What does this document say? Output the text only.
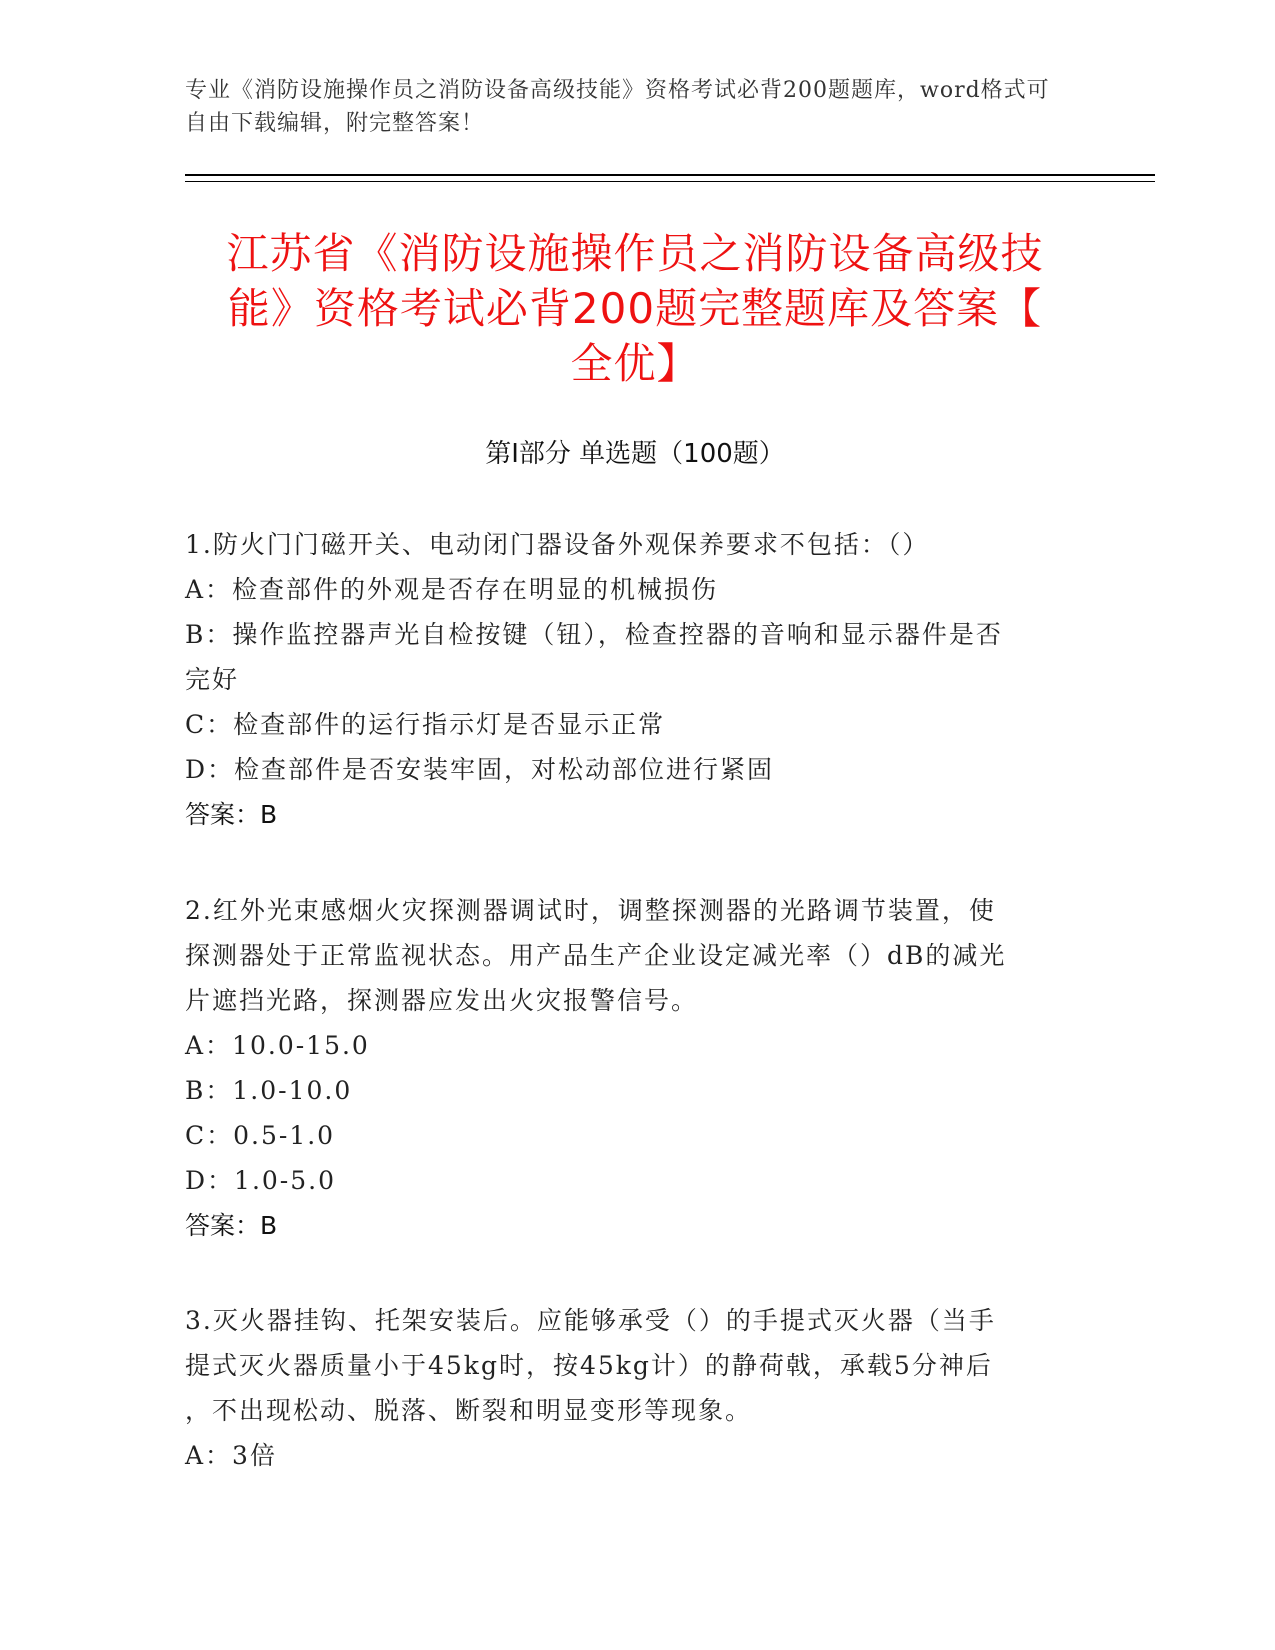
专业《消防设施操作员之消防设备高级技能》资格考试必背200题题库，word格式可自由下载编辑，附完整答案！
江苏省《消防设施操作员之消防设备高级技
能》资格考试必背200题完整题库及答案【
全优】
第Ⅰ部分 单选题（100题）

1.防火门门磁开关、电动闭门器设备外观保养要求不包括：（）

A：检查部件的外观是否存在明显的机械损伤

B：操作监控器声光自检按键（钮），检查控器的音响和显示器件是否

完好

C：检查部件的运行指示灯是否显示正常

D：检查部件是否安装牢固，对松动部位进行紧固

答案：B

2.红外光束感烟火灾探测器调试时，调整探测器的光路调节装置，使

探测器处于正常监视状态。用产品生产企业设定减光率（）dB的减光

片遮挡光路，探测器应发出火灾报警信号。

A：10.0-15.0

B：1.0-10.0

C：0.5-1.0

D：1.0-5.0

答案：B

3.灭火器挂钩、托架安装后。应能够承受（）的手提式灭火器（当手

提式灭火器质量小于45kg时，按45kg计）的静荷戟，承载5分神后

，不出现松动、脱落、断裂和明显变形等现象。

A：3倍
